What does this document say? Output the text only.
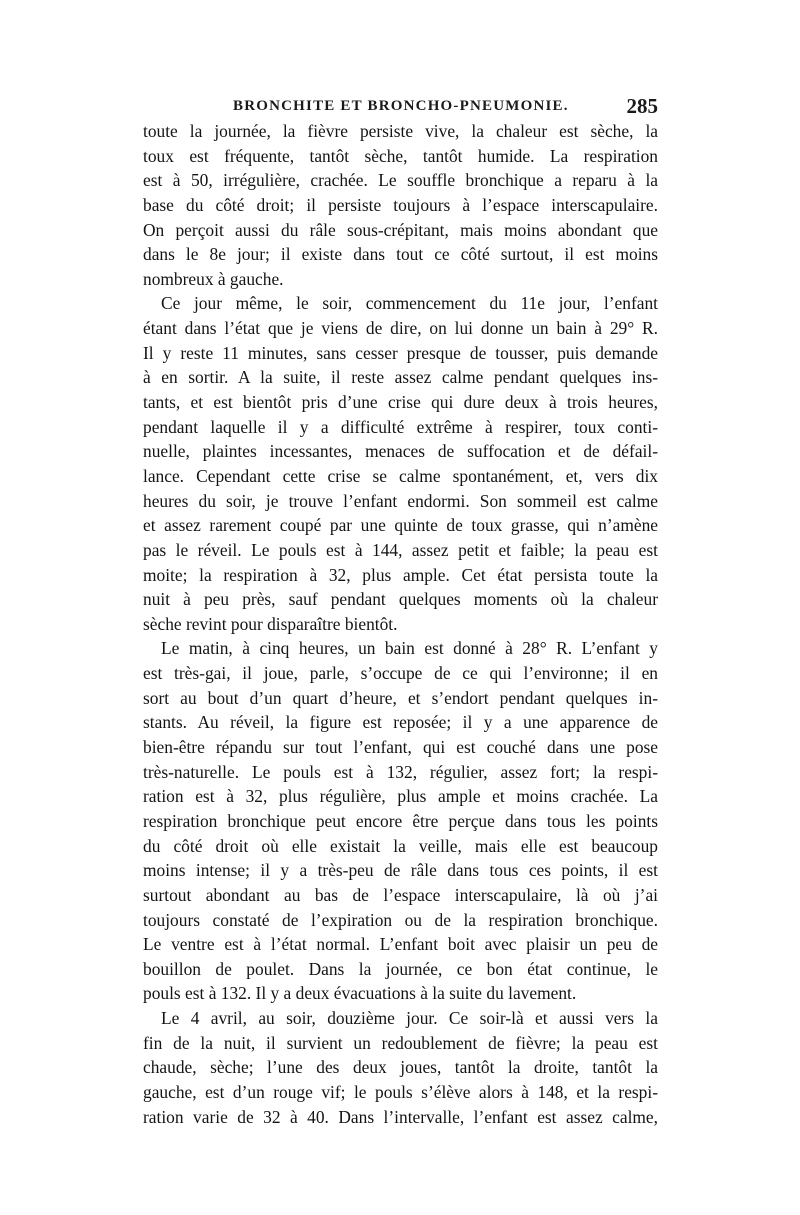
BRONCHITE ET BRONCHO-PNEUMONIE.	285
toute la journée, la fièvre persiste vive, la chaleur est sèche, la
toux est fréquente, tantôt sèche, tantôt humide. La respiration
est à 50, irrégulière, crachée. Le souffle bronchique a reparu à la
base du côté droit; il persiste toujours à l’espace interscapulaire.
On perçoit aussi du râle sous-crépitant, mais moins abondant que
dans le 8e jour; il existe dans tout ce côté surtout, il est moins
nombreux à gauche.
Ce jour même, le soir, commencement du 11e jour, l’enfant
étant dans l’état que je viens de dire, on lui donne un bain à 29° R.
Il y reste 11 minutes, sans cesser presque de tousser, puis demande
à en sortir. A la suite, il reste assez calme pendant quelques ins-
tants, et est bientôt pris d’une crise qui dure deux à trois heures,
pendant laquelle il y a difficulté extrême à respirer, toux conti-
nuelle, plaintes incessantes, menaces de suffocation et de défail-
lance. Cependant cette crise se calme spontanément, et, vers dix
heures du soir, je trouve l’enfant endormi. Son sommeil est calme
et assez rarement coupé par une quinte de toux grasse, qui n’amène
pas le réveil. Le pouls est à 144, assez petit et faible; la peau est
moite; la respiration à 32, plus ample. Cet état persista toute la
nuit à peu près, sauf pendant quelques moments où la chaleur
sèche revint pour disparaître bientôt.
Le matin, à cinq heures, un bain est donné à 28° R. L’enfant y
est très-gai, il joue, parle, s’occupe de ce qui l’environne; il en
sort au bout d’un quart d’heure, et s’endort pendant quelques in-
stants. Au réveil, la figure est reposée; il y a une apparence de
bien-être répandu sur tout l’enfant, qui est couché dans une pose
très-naturelle. Le pouls est à 132, régulier, assez fort; la respi-
ration est à 32, plus régulière, plus ample et moins crachée. La
respiration bronchique peut encore être perçue dans tous les points
du côté droit où elle existait la veille, mais elle est beaucoup
moins intense; il y a très-peu de râle dans tous ces points, il est
surtout abondant au bas de l’espace interscapulaire, là où j’ai
toujours constaté de l’expiration ou de la respiration bronchique.
Le ventre est à l’état normal. L’enfant boit avec plaisir un peu de
bouillon de poulet. Dans la journée, ce bon état continue, le
pouls est à 132. Il y a deux évacuations à la suite du lavement.
Le 4 avril, au soir, douzième jour. Ce soir-là et aussi vers la
fin de la nuit, il survient un redoublement de fièvre; la peau est
chaude, sèche; l’une des deux joues, tantôt la droite, tantôt la
gauche, est d’un rouge vif; le pouls s’élève alors à 148, et la respi-
ration varie de 32 à 40. Dans l’intervalle, l’enfant est assez calme,
